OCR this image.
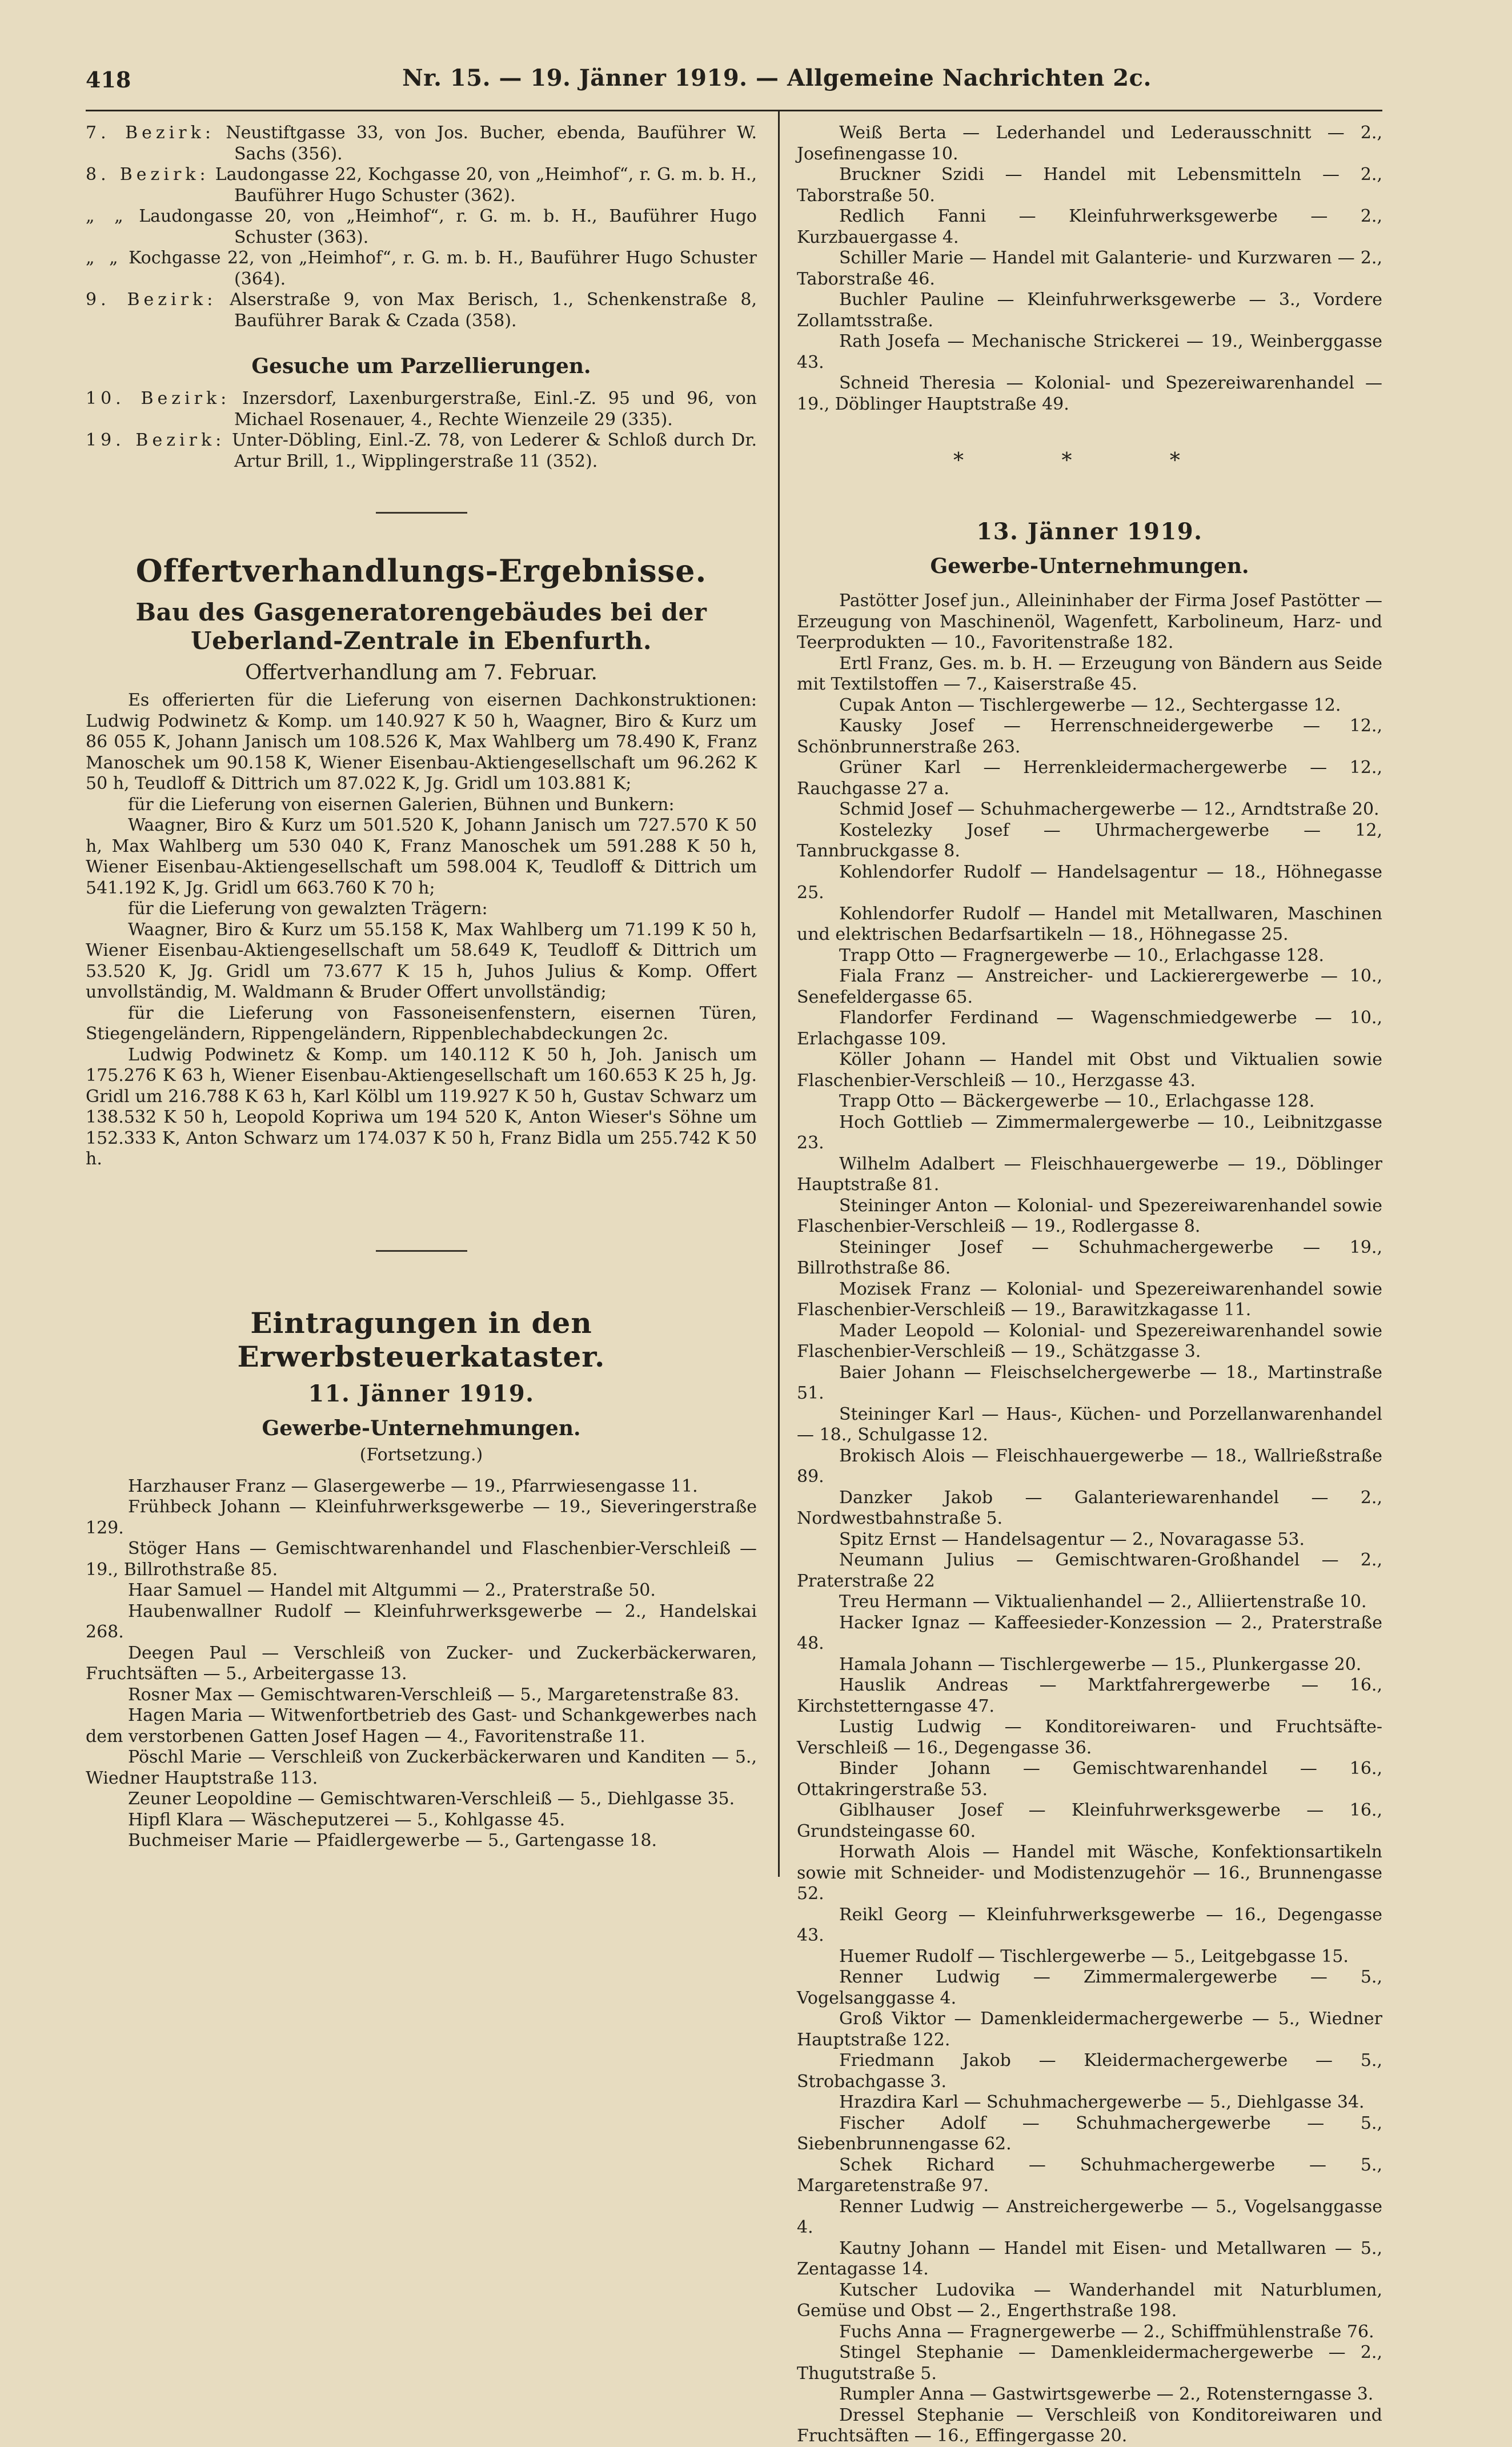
418	Nr. 15. — 19. Jänner 1919. — Allgemeine Nachrichten 2c.

7. Bezirk: Neustiftgasse 33, von Jos. Bucher, ebenda, Bauführer W. Sachs (356).

8. Bezirk: Laudongasse 22, Kochgasse 20, von „Heimhof“, r. G. m. b. H., Bauführer Hugo Schuster (362).

„ „ Laudongasse 20, von „Heimhof“, r. G. m. b. H., Bauführer Hugo Schuster (363).

„ „ Kochgasse 22, von „Heimhof“, r. G. m. b. H., Bauführer Hugo Schuster (364).

9. Bezirk: Alserstraße 9, von Max Berisch, 1., Schenkenstraße 8, Bauführer Barak & Czada (358).

Gesuche um Parzellierungen.

10. Bezirk: Inzersdorf, Laxenburgerstraße, Einl.-Z. 95 und 96, von Michael Rosenauer, 4., Rechte Wienzeile 29 (335).

19. Bezirk: Unter-Döbling, Einl.-Z. 78, von Lederer & Schloß durch Dr. Artur Brill, 1., Wipplingerstraße 11 (352).

Offertverhandlungs-Ergebnisse.

Bau des Gasgeneratorengebäudes bei der Ueberland-Zentrale in Ebenfurth.

Offertverhandlung am 7. Februar.

Es offerierten für die Lieferung von eisernen Dachkonstruktionen: Ludwig Podwinetz & Komp. um 140.927 K 50 h, Waagner, Biro & Kurz um 86 055 K, Johann Janisch um 108.526 K, Max Wahlberg um 78.490 K, Franz Manoschek um 90.158 K, Wiener Eisenbau-Aktiengesellschaft um 96.262 K 50 h, Teudloff & Dittrich um 87.022 K, Jg. Gridl um 103.881 K;

für die Lieferung von eisernen Galerien, Bühnen und Bunkern:

Waagner, Biro & Kurz um 501.520 K, Johann Janisch um 727.570 K 50 h, Max Wahlberg um 530 040 K, Franz Manoschek um 591.288 K 50 h, Wiener Eisenbau-Aktiengesellschaft um 598.004 K, Teudloff & Dittrich um 541.192 K, Jg. Gridl um 663.760 K 70 h;

für die Lieferung von gewalzten Trägern:

Waagner, Biro & Kurz um 55.158 K, Max Wahlberg um 71.199 K 50 h, Wiener Eisenbau-Aktiengesellschaft um 58.649 K, Teudloff & Dittrich um 53.520 K, Jg. Gridl um 73.677 K 15 h, Juhos Julius & Komp. Offert unvollständig, M. Waldmann & Bruder Offert unvollständig;

für die Lieferung von Fassoneisenfenstern, eisernen Türen, Stiegengeländern, Rippengeländern, Rippenblechabdeckungen 2c.

Ludwig Podwinetz & Komp. um 140.112 K 50 h, Joh. Janisch um 175.276 K 63 h, Wiener Eisenbau-Aktiengesellschaft um 160.653 K 25 h, Jg. Gridl um 216.788 K 63 h, Karl Kölbl um 119.927 K 50 h, Gustav Schwarz um 138.532 K 50 h, Leopold Kopriwa um 194 520 K, Anton Wieser's Söhne um 152.333 K, Anton Schwarz um 174.037 K 50 h, Franz Bidla um 255.742 K 50 h.

Eintragungen in den Erwerbsteuerkataster.

11. Jänner 1919.

Gewerbe-Unternehmungen.

(Fortsetzung.)

Harzhauser Franz — Glasergewerbe — 19., Pfarrwiesengasse 11.

Frühbeck Johann — Kleinfuhrwerksgewerbe — 19., Sieveringerstraße 129.

Stöger Hans — Gemischtwarenhandel und Flaschenbier-Verschleiß — 19., Billrothstraße 85.

Haar Samuel — Handel mit Altgummi — 2., Praterstraße 50.

Haubenwallner Rudolf — Kleinfuhrwerksgewerbe — 2., Handelskai 268.

Deegen Paul — Verschleiß von Zucker- und Zuckerbäckerwaren, Fruchtsäften — 5., Arbeitergasse 13.

Rosner Max — Gemischtwaren-Verschleiß — 5., Margaretenstraße 83.

Hagen Maria — Witwenfortbetrieb des Gast- und Schankgewerbes nach dem verstorbenen Gatten Josef Hagen — 4., Favoritenstraße 11.

Pöschl Marie — Verschleiß von Zuckerbäckerwaren und Kanditen — 5., Wiedner Hauptstraße 113.

Zeuner Leopoldine — Gemischtwaren-Verschleiß — 5., Diehlgasse 35.

Hipfl Klara — Wäscheputzerei — 5., Kohlgasse 45.

Buchmeiser Marie — Pfaidlergewerbe — 5., Gartengasse 18.

Weiß Berta — Lederhandel und Lederausschnitt — 2., Josefinengasse 10.

Bruckner Szidi — Handel mit Lebensmitteln — 2., Taborstraße 50.

Redlich Fanni — Kleinfuhrwerksgewerbe — 2., Kurzbauergasse 4.

Schiller Marie — Handel mit Galanterie- und Kurzwaren — 2., Taborstraße 46.

Buchler Pauline — Kleinfuhrwerksgewerbe — 3., Vordere Zollamtsstraße.

Rath Josefa — Mechanische Strickerei — 19., Weinberggasse 43.

Schneid Theresia — Kolonial- und Spezereiwarenhandel — 19., Döblinger Hauptstraße 49.

* * *

13. Jänner 1919.

Gewerbe-Unternehmungen.

Pastötter Josef jun., Alleininhaber der Firma Josef Pastötter — Erzeugung von Maschinenöl, Wagenfett, Karbolineum, Harz- und Teerprodukten — 10., Favoritenstraße 182.

Ertl Franz, Ges. m. b. H. — Erzeugung von Bändern aus Seide mit Textilstoffen — 7., Kaiserstraße 45.

Cupak Anton — Tischlergewerbe — 12., Sechtergasse 12.

Kausky Josef — Herrenschneidergewerbe — 12., Schönbrunnerstraße 263.

Grüner Karl — Herrenkleidermachergewerbe — 12., Rauchgasse 27 a.

Schmid Josef — Schuhmachergewerbe — 12., Arndtstraße 20.

Kostelezky Josef — Uhrmachergewerbe — 12, Tannbruckgasse 8.

Kohlendorfer Rudolf — Handelsagentur — 18., Höhnegasse 25.

Kohlendorfer Rudolf — Handel mit Metallwaren, Maschinen und elektrischen Bedarfsartikeln — 18., Höhnegasse 25.

Trapp Otto — Fragnergewerbe — 10., Erlachgasse 128.

Fiala Franz — Anstreicher- und Lackierergewerbe — 10., Senefeldergasse 65.

Flandorfer Ferdinand — Wagenschmiedgewerbe — 10., Erlachgasse 109.

Köller Johann — Handel mit Obst und Viktualien sowie Flaschenbier-Verschleiß — 10., Herzgasse 43.

Trapp Otto — Bäckergewerbe — 10., Erlachgasse 128.

Hoch Gottlieb — Zimmermalergewerbe — 10., Leibnitzgasse 23.

Wilhelm Adalbert — Fleischhauergewerbe — 19., Döblinger Hauptstraße 81.

Steininger Anton — Kolonial- und Spezereiwarenhandel sowie Flaschenbier-Verschleiß — 19., Rodlergasse 8.

Steininger Josef — Schuhmachergewerbe — 19., Billrothstraße 86.

Mozisek Franz — Kolonial- und Spezereiwarenhandel sowie Flaschenbier-Verschleiß — 19., Barawitzkagasse 11.

Mader Leopold — Kolonial- und Spezereiwarenhandel sowie Flaschenbier-Verschleiß — 19., Schätzgasse 3.

Baier Johann — Fleischselchergewerbe — 18., Martinstraße 51.

Steininger Karl — Haus-, Küchen- und Porzellanwarenhandel — 18., Schulgasse 12.

Brokisch Alois — Fleischhauergewerbe — 18., Wallrießstraße 89.

Danzker Jakob — Galanteriewarenhandel — 2., Nordwestbahnstraße 5.

Spitz Ernst — Handelsagentur — 2., Novaragasse 53.

Neumann Julius — Gemischtwaren-Großhandel — 2., Praterstraße 22

Treu Hermann — Viktualienhandel — 2., Alliiertenstraße 10.

Hacker Ignaz — Kaffeesieder-Konzession — 2., Praterstraße 48.

Hamala Johann — Tischlergewerbe — 15., Plunkergasse 20.

Hauslik Andreas — Marktfahrergewerbe — 16., Kirchstetterngasse 47.

Lustig Ludwig — Konditoreiwaren- und Fruchtsäfte-Verschleiß — 16., Degengasse 36.

Binder Johann — Gemischtwarenhandel — 16., Ottakringerstraße 53.

Giblhauser Josef — Kleinfuhrwerksgewerbe — 16., Grundsteingasse 60.

Horwath Alois — Handel mit Wäsche, Konfektionsartikeln sowie mit Schneider- und Modistenzugehör — 16., Brunnengasse 52.

Reikl Georg — Kleinfuhrwerksgewerbe — 16., Degengasse 43.

Huemer Rudolf — Tischlergewerbe — 5., Leitgebgasse 15.

Renner Ludwig — Zimmermalergewerbe — 5., Vogelsanggasse 4.

Groß Viktor — Damenkleidermachergewerbe — 5., Wiedner Hauptstraße 122.

Friedmann Jakob — Kleidermachergewerbe — 5., Strobachgasse 3.

Hrazdira Karl — Schuhmachergewerbe — 5., Diehlgasse 34.

Fischer Adolf — Schuhmachergewerbe — 5., Siebenbrunnengasse 62.

Schek Richard — Schuhmachergewerbe — 5., Margaretenstraße 97.

Renner Ludwig — Anstreichergewerbe — 5., Vogelsanggasse 4.

Kautny Johann — Handel mit Eisen- und Metallwaren — 5., Zentagasse 14.

Kutscher Ludovika — Wanderhandel mit Naturblumen, Gemüse und Obst — 2., Engerthstraße 198.

Fuchs Anna — Fragnergewerbe — 2., Schiffmühlenstraße 76.

Stingel Stephanie — Damenkleidermachergewerbe — 2., Thugutstraße 5.

Rumpler Anna — Gastwirtsgewerbe — 2., Rotensterngasse 3.

Dressel Stephanie — Verschleiß von Konditoreiwaren und Fruchtsäften — 16., Effingergasse 20.
